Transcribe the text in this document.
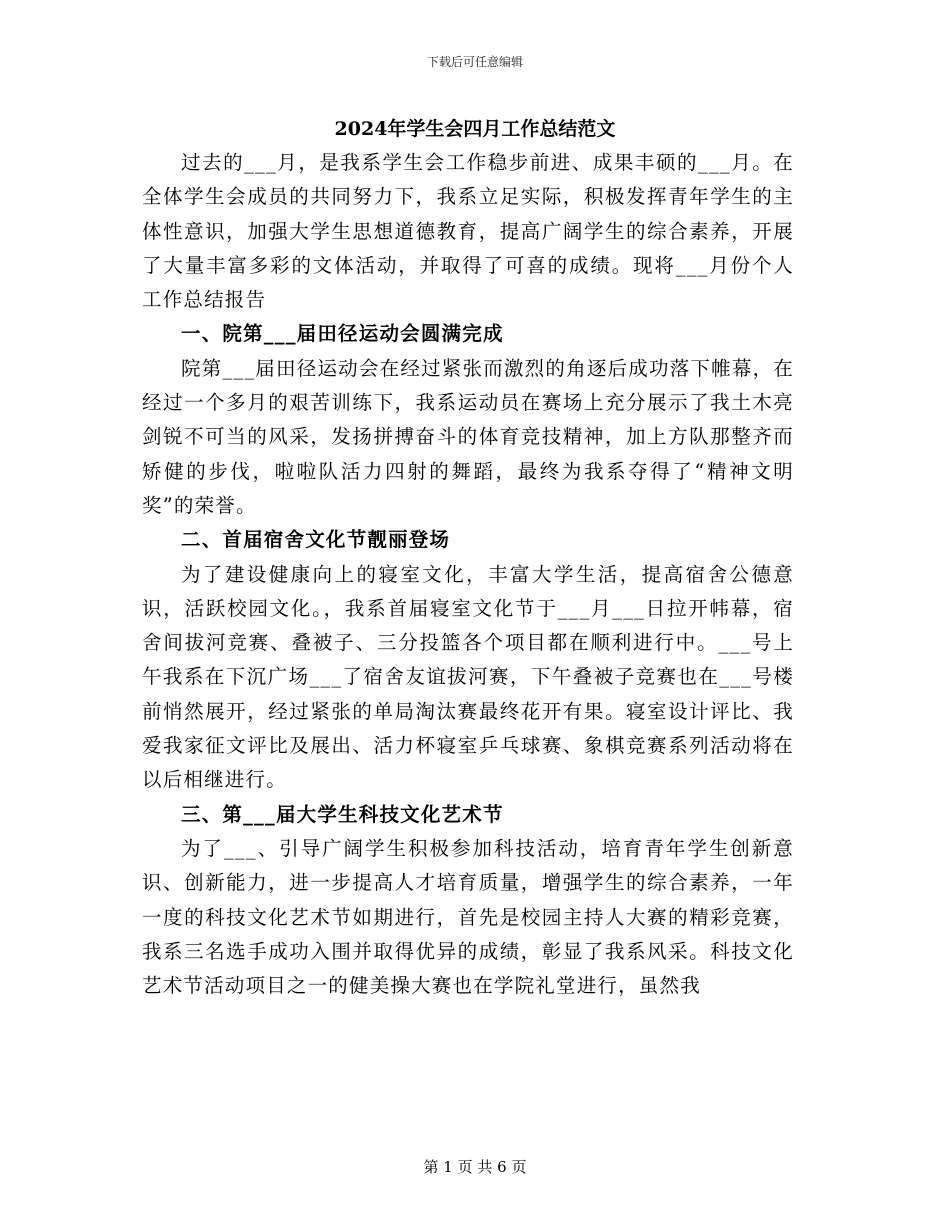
下载后可任意编辑
2024年学生会四月工作总结范文

过去的___月，是我系学生会工作稳步前进、成果丰硕的___月。在全体学生会成员的共同努力下，我系立足实际，积极发挥青年学生的主体性意识，加强大学生思想道德教育，提高广阔学生的综合素养，开展了大量丰富多彩的文体活动，并取得了可喜的成绩。现将___月份个人工作总结报告

一、院第___届田径运动会圆满完成

院第___届田径运动会在经过紧张而激烈的角逐后成功落下帷幕，在经过一个多月的艰苦训练下，我系运动员在赛场上充分展示了我土木亮剑锐不可当的风采，发扬拼搏奋斗的体育竞技精神，加上方队那整齐而矫健的步伐，啦啦队活力四射的舞蹈，最终为我系夺得了“精神文明奖”的荣誉。

二、首届宿舍文化节靓丽登场

为了建设健康向上的寝室文化，丰富大学生活，提高宿舍公德意识，活跃校园文化。，我系首届寝室文化节于___月___日拉开帏幕，宿舍间拔河竞赛、叠被子、三分投篮各个项目都在顺利进行中。___号上午我系在下沉广场___了宿舍友谊拔河赛，下午叠被子竞赛也在___号楼前悄然展开，经过紧张的单局淘汰赛最终花开有果。寝室设计评比、我爱我家征文评比及展出、活力杯寝室乒乓球赛、象棋竞赛系列活动将在以后相继进行。

三、第___届大学生科技文化艺术节

为了___、引导广阔学生积极参加科技活动，培育青年学生创新意识、创新能力，进一步提高人才培育质量，增强学生的综合素养，一年一度的科技文化艺术节如期进行，首先是校园主持人大赛的精彩竞赛，我系三名选手成功入围并取得优异的成绩，彰显了我系风采。科技文化艺术节活动项目之一的健美操大赛也在学院礼堂进行，虽然我

第 1 页 共 6 页
